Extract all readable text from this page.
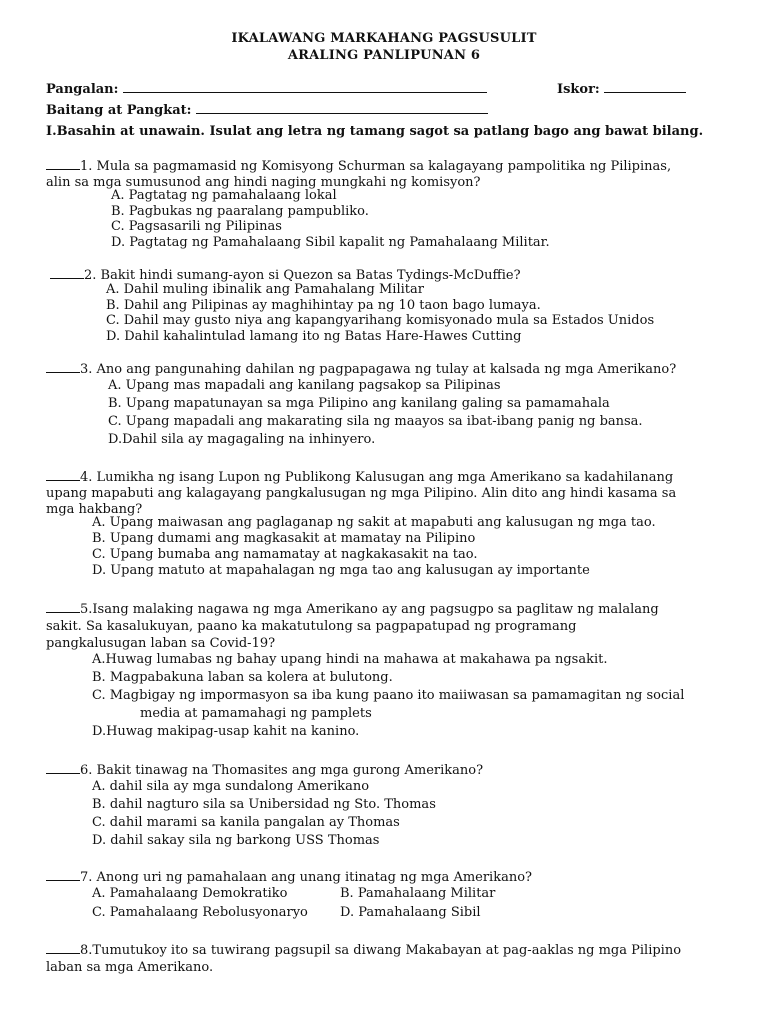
IKALAWANG MARKAHANG PAGSUSULIT
ARALING PANLIPUNAN 6
Pangalan:	Iskor:
Baitang at Pangkat:
I.Basahin at unawain. Isulat ang letra ng tamang sagot sa patlang bago ang bawat bilang.
1. Mula sa pagmamasid ng Komisyong Schurman sa kalagayang pampolitika ng Pilipinas,
alin sa mga sumusunod ang hindi naging mungkahi ng komisyon?
A. Pagtatag ng pamahalaang lokal
B. Pagbukas ng paaralang pampubliko.
C. Pagsasarili ng Pilipinas
D. Pagtatag ng Pamahalaang Sibil kapalit ng Pamahalaang Militar.
2. Bakit hindi sumang-ayon si Quezon sa Batas Tydings-McDuffie?
A. Dahil muling ibinalik ang Pamahalang Militar
B. Dahil ang Pilipinas ay maghihintay pa ng 10 taon bago lumaya.
C. Dahil may gusto niya ang kapangyarihang komisyonado mula sa Estados Unidos
D. Dahil kahalintulad lamang ito ng Batas Hare-Hawes Cutting
3. Ano ang pangunahing dahilan ng pagpapagawa ng tulay at kalsada ng mga Amerikano?
A. Upang mas mapadali ang kanilang pagsakop sa Pilipinas
B. Upang mapatunayan sa mga Pilipino ang kanilang galing sa pamamahala
C. Upang mapadali ang makarating sila ng maayos sa ibat-ibang panig ng bansa.
D.Dahil sila ay magagaling na inhinyero.
4. Lumikha ng isang Lupon ng Publikong Kalusugan ang mga Amerikano sa kadahilanang
upang mapabuti ang kalagayang pangkalusugan ng mga Pilipino. Alin dito ang hindi kasama sa
mga hakbang?
A. Upang maiwasan ang paglaganap ng sakit at mapabuti ang kalusugan ng mga tao.
B. Upang dumami ang magkasakit at mamatay na Pilipino
C. Upang bumaba ang namamatay at nagkakasakit na tao.
D. Upang matuto at mapahalagan ng mga tao ang kalusugan ay importante
5.Isang malaking nagawa ng mga Amerikano ay ang pagsugpo sa paglitaw ng malalang
sakit. Sa kasalukuyan, paano ka makatutulong sa pagpapatupad ng programang
pangkalusugan laban sa Covid-19?
A.Huwag lumabas ng bahay upang hindi na mahawa at makahawa pa ngsakit.
B. Magpabakuna laban sa kolera at bulutong.
C. Magbigay ng impormasyon sa iba kung paano ito maiiwasan sa pamamagitan ng social
media at pamamahagi ng pamplets
D.Huwag makipag-usap kahit na kanino.
6. Bakit tinawag na Thomasites ang mga gurong Amerikano?
A. dahil sila ay mga sundalong Amerikano
B. dahil nagturo sila sa Unibersidad ng Sto. Thomas
C. dahil marami sa kanila pangalan ay Thomas
D. dahil sakay sila ng barkong USS Thomas
7. Anong uri ng pamahalaan ang unang itinatag ng mga Amerikano?
A. Pamahalaang Demokratiko	B. Pamahalaang Militar
C. Pamahalaang Rebolusyonaryo D. Pamahalaang Sibil
8.Tumutukoy ito sa tuwirang pagsupil sa diwang Makabayan at pag-aaklas ng mga Pilipino
laban sa mga Amerikano.
